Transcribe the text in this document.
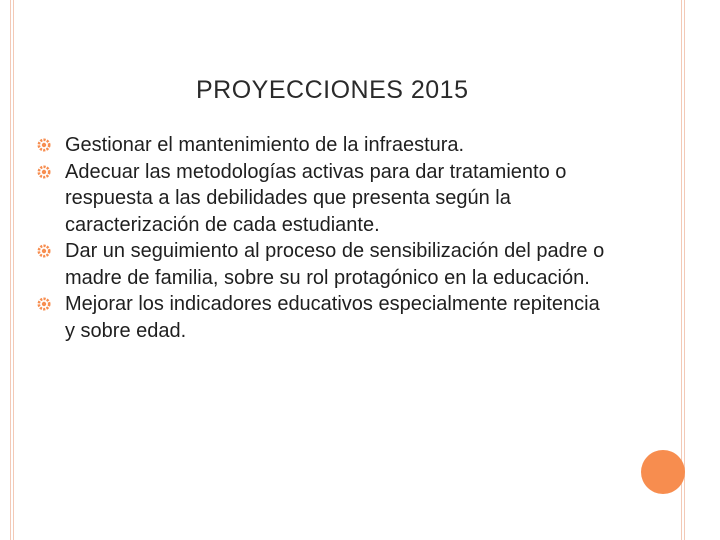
PROYECCIONES 2015
Gestionar el mantenimiento de la infraestura.
Adecuar las metodologías activas para dar tratamiento o respuesta a las debilidades que presenta según la caracterización de cada estudiante.
Dar un seguimiento al proceso de sensibilización del padre o madre de familia, sobre su rol protagónico en la educación.
Mejorar los indicadores educativos especialmente repitencia y sobre edad.
